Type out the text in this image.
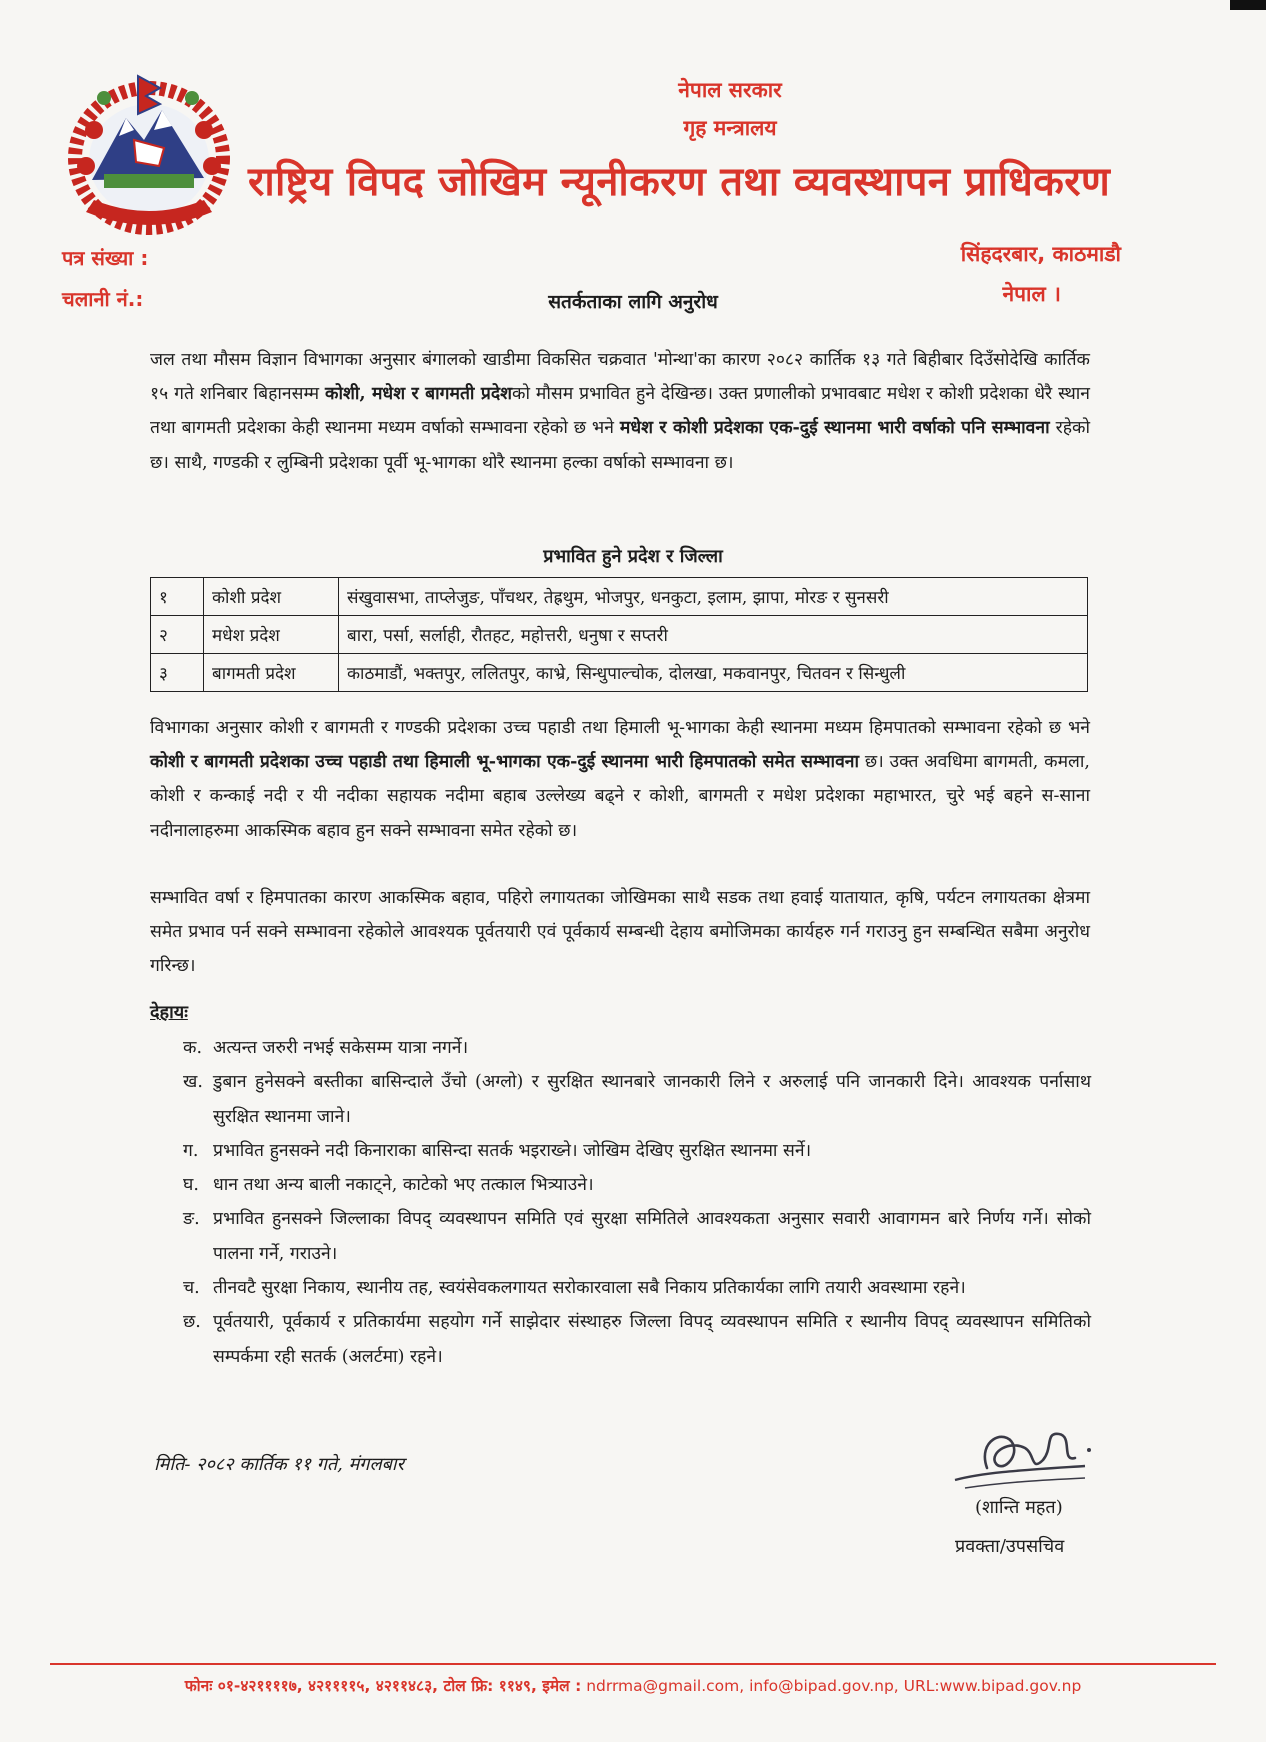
नेपाल सरकार
गृह मन्त्रालय
राष्ट्रिय विपद जोखिम न्यूनीकरण तथा व्यवस्थापन प्राधिकरण
पत्र संख्या :
चलानी नं.:
सिंहदरबार, काठमाडौ
नेपाल ।
सतर्कताका लागि अनुरोध
जल तथा मौसम विज्ञान विभागका अनुसार बंगालको खाडीमा विकसित चक्रवात 'मोन्था'का कारण २०८२ कार्तिक १३ गते बिहीबार दिउँसोदेखि कार्तिक १५ गते शनिबार बिहानसम्म कोशी, मधेश र बागमती प्रदेशको मौसम प्रभावित हुने देखिन्छ। उक्त प्रणालीको प्रभावबाट मधेश र कोशी प्रदेशका धेरै स्थान तथा बागमती प्रदेशका केही स्थानमा मध्यम वर्षाको सम्भावना रहेको छ भने मधेश र कोशी प्रदेशका एक-दुई स्थानमा भारी वर्षाको पनि सम्भावना रहेको छ। साथै, गण्डकी र लुम्बिनी प्रदेशका पूर्वी भू-भागका थोरै स्थानमा हल्का वर्षाको सम्भावना छ।
प्रभावित हुने प्रदेश र जिल्ला
१	कोशी प्रदेश	संखुवासभा, ताप्लेजुङ, पाँचथर, तेह्रथुम, भोजपुर, धनकुटा, इलाम, झापा, मोरङ र सुनसरी
२	मधेश प्रदेश	बारा, पर्सा, सर्लाही, रौतहट, महोत्तरी, धनुषा र सप्तरी
३	बागमती प्रदेश	काठमाडौं, भक्तपुर, ललितपुर, काभ्रे, सिन्धुपाल्चोक, दोलखा, मकवानपुर, चितवन र सिन्धुली
विभागका अनुसार कोशी र बागमती र गण्डकी प्रदेशका उच्च पहाडी तथा हिमाली भू-भागका केही स्थानमा मध्यम हिमपातको सम्भावना रहेको छ भने कोशी र बागमती प्रदेशका उच्च पहाडी तथा हिमाली भू-भागका एक-दुई स्थानमा भारी हिमपातको समेत सम्भावना छ। उक्त अवधिमा बागमती, कमला, कोशी र कन्काई नदी र यी नदीका सहायक नदीमा बहाब उल्लेख्य बढ्ने र कोशी, बागमती र मधेश प्रदेशका महाभारत, चुरे भई बहने स-साना नदीनालाहरुमा आकस्मिक बहाव हुन सक्ने सम्भावना समेत रहेको छ।
सम्भावित वर्षा र हिमपातका कारण आकस्मिक बहाव, पहिरो लगायतका जोखिमका साथै सडक तथा हवाई यातायात, कृषि, पर्यटन लगायतका क्षेत्रमा समेत प्रभाव पर्न सक्ने सम्भावना रहेकोले आवश्यक पूर्वतयारी एवं पूर्वकार्य सम्बन्धी देहाय बमोजिमका कार्यहरु गर्न गराउनु हुन सम्बन्धित सबैमा अनुरोध गरिन्छ।
देहायः
क. अत्यन्त जरुरी नभई सकेसम्म यात्रा नगर्ने।
ख. डुबान हुनेसक्ने बस्तीका बासिन्दाले उँचो (अग्लो) र सुरक्षित स्थानबारे जानकारी लिने र अरुलाई पनि जानकारी दिने। आवश्यक पर्नासाथ सुरक्षित स्थानमा जाने।
ग. प्रभावित हुनसक्ने नदी किनाराका बासिन्दा सतर्क भइराख्ने। जोखिम देखिए सुरक्षित स्थानमा सर्ने।
घ. धान तथा अन्य बाली नकाट्ने, काटेको भए तत्काल भित्र्याउने।
ङ. प्रभावित हुनसक्ने जिल्लाका विपद् व्यवस्थापन समिति एवं सुरक्षा समितिले आवश्यकता अनुसार सवारी आवागमन बारे निर्णय गर्ने। सोको पालना गर्ने, गराउने।
च. तीनवटै सुरक्षा निकाय, स्थानीय तह, स्वयंसेवकलगायत सरोकारवाला सबै निकाय प्रतिकार्यका लागि तयारी अवस्थामा रहने।
छ. पूर्वतयारी, पूर्वकार्य र प्रतिकार्यमा सहयोग गर्ने साझेदार संस्थाहरु जिल्ला विपद् व्यवस्थापन समिति र स्थानीय विपद् व्यवस्थापन समितिको सम्पर्कमा रही सतर्क (अलर्टमा) रहने।
मिति- २०८२ कार्तिक ११ गते, मंगलबार
(शान्ति महत)
प्रवक्ता/उपसचिव
फोनः ०१-४२११११७, ४२११११५, ४२११४८३, टोल फ्रि: ११४९, इमेल : ndrrma@gmail.com, info@bipad.gov.np, URL:www.bipad.gov.np
